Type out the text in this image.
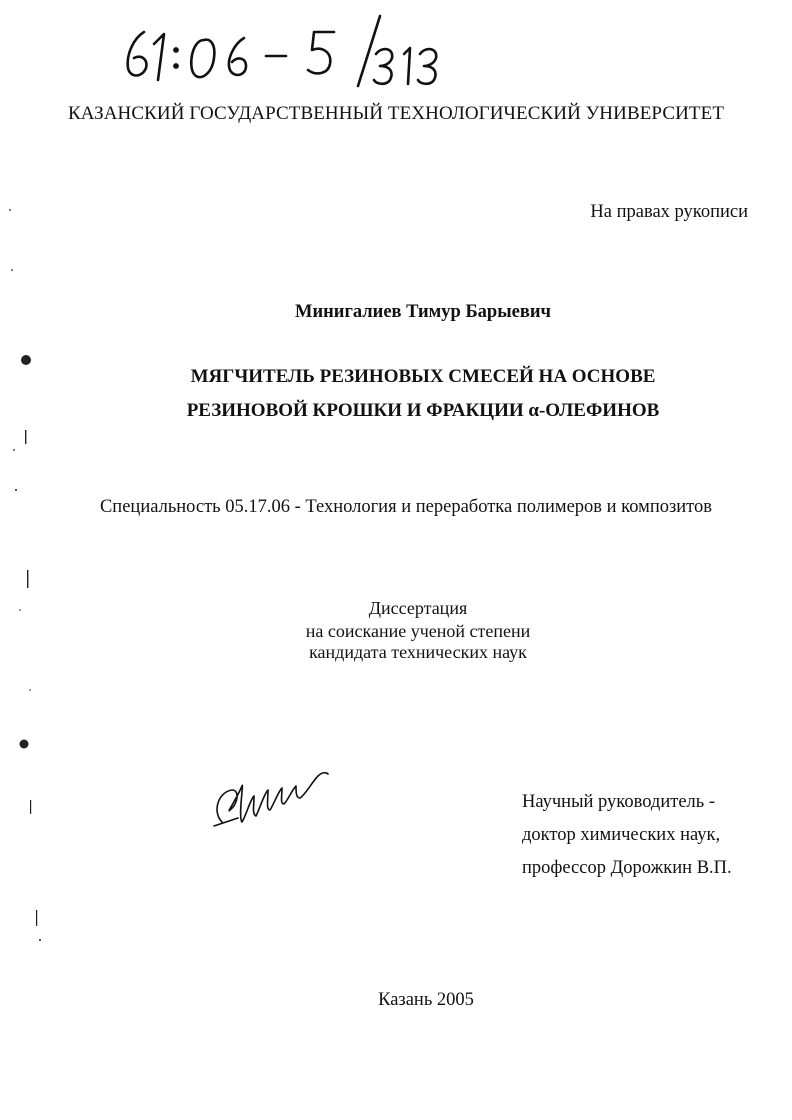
КАЗАНСКИЙ ГОСУДАРСТВЕННЫЙ ТЕХНОЛОГИЧЕСКИЙ УНИВЕРСИТЕТ
На правах рукописи
Минигалиев Тимур Барыевич
МЯГЧИТЕЛЬ РЕЗИНОВЫХ СМЕСЕЙ НА ОСНОВЕ
РЕЗИНОВОЙ КРОШКИ И ФРАКЦИИ α-ОЛЕФИНОВ
Специальность 05.17.06 - Технология и переработка полимеров и композитов
Диссертация
на соискание ученой степени
кандидата технических наук
Научный руководитель -
доктор химических наук,
профессор Дорожкин В.П.
Казань 2005
